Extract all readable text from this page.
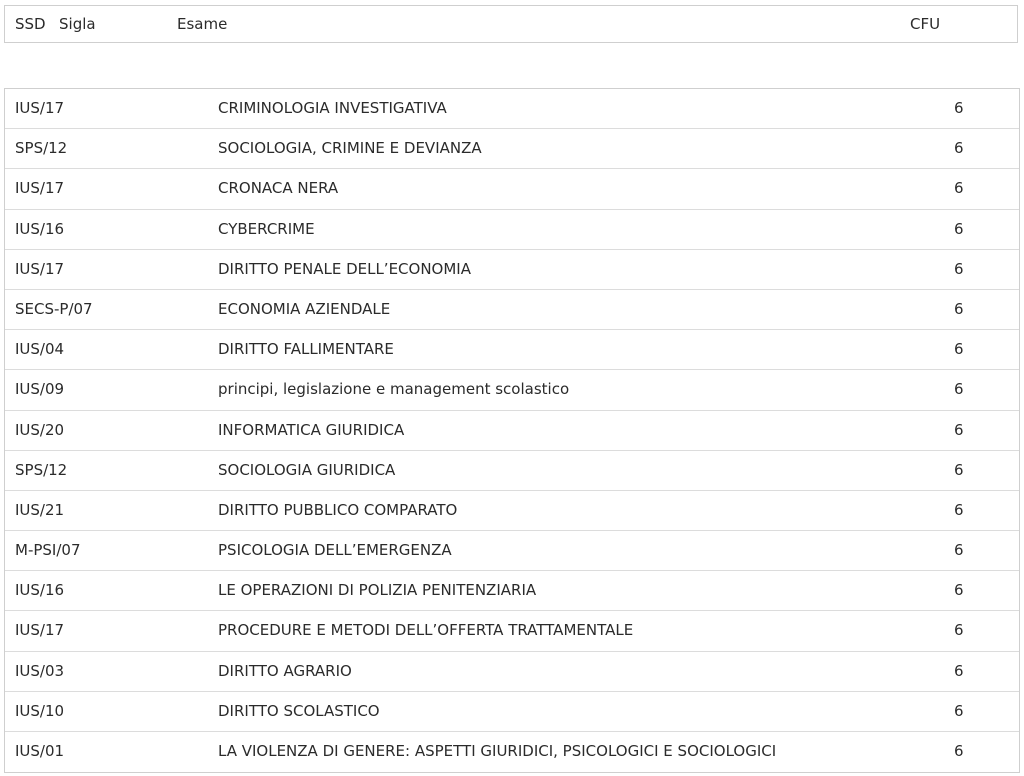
SSD Sigla	Esame	CFU
IUS/17	CRIMINOLOGIA INVESTIGATIVA	6
SPS/12	SOCIOLOGIA, CRIMINE E DEVIANZA	6
IUS/17	CRONACA NERA	6
IUS/16	CYBERCRIME	6
IUS/17	DIRITTO PENALE DELL’ECONOMIA	6
SECS-P/07	ECONOMIA AZIENDALE	6
IUS/04	DIRITTO FALLIMENTARE	6
IUS/09	principi, legislazione e management scolastico	6
IUS/20	INFORMATICA GIURIDICA	6
SPS/12	SOCIOLOGIA GIURIDICA	6
IUS/21	DIRITTO PUBBLICO COMPARATO	6
M-PSI/07	PSICOLOGIA DELL’EMERGENZA	6
IUS/16	LE OPERAZIONI DI POLIZIA PENITENZIARIA	6
IUS/17	PROCEDURE E METODI DELL’OFFERTA TRATTAMENTALE	6
IUS/03	DIRITTO AGRARIO	6
IUS/10	DIRITTO SCOLASTICO	6
IUS/01	LA VIOLENZA DI GENERE: ASPETTI GIURIDICI, PSICOLOGICI E SOCIOLOGICI	6
